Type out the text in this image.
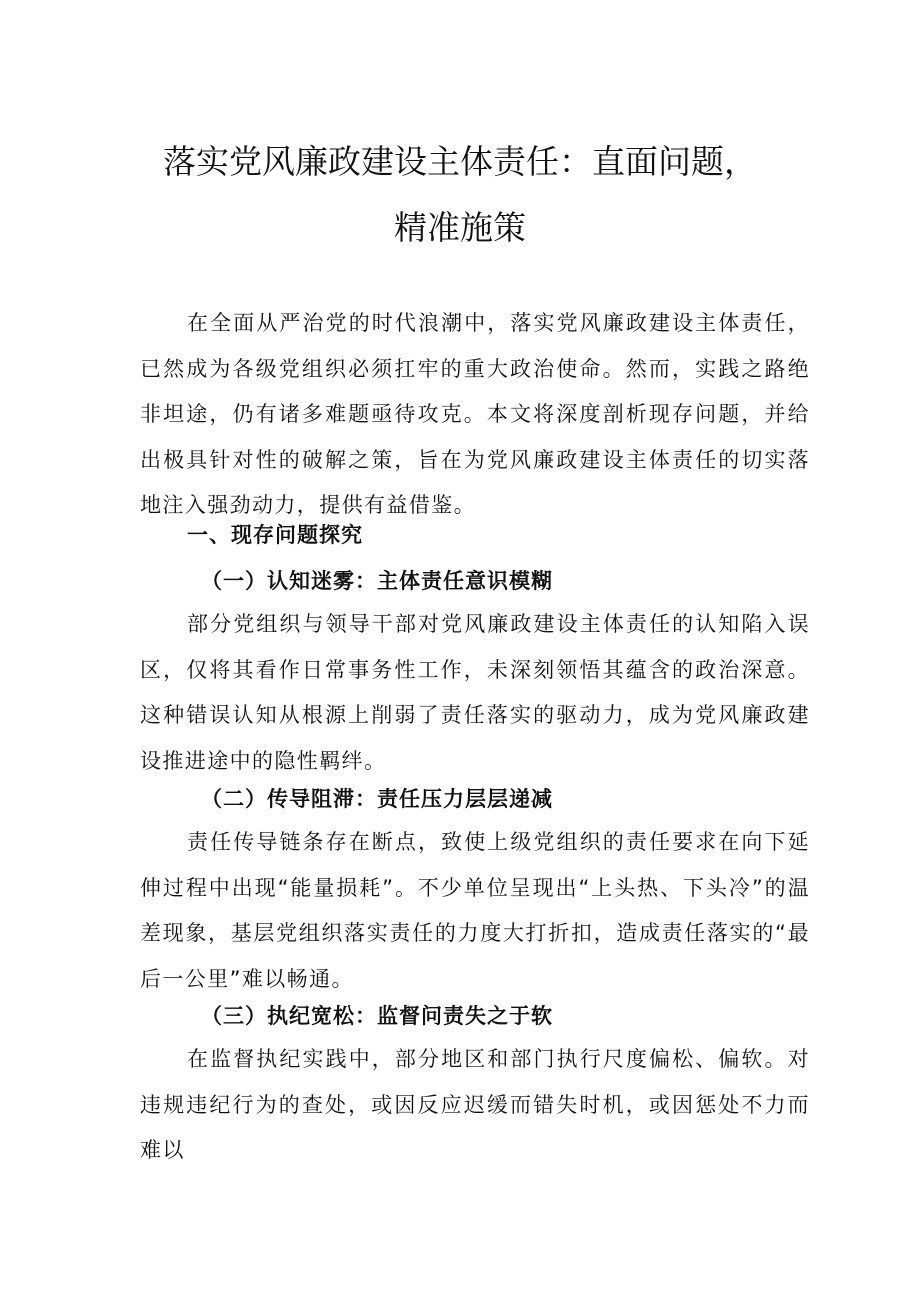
落实党风廉政建设主体责任：直面问题，
精准施策

在全面从严治党的时代浪潮中，落实党风廉政建设主体责任，已然成为各级党组织必须扛牢的重大政治使命。然而，实践之路绝非坦途，仍有诸多难题亟待攻克。本文将深度剖析现存问题，并给出极具针对性的破解之策，旨在为党风廉政建设主体责任的切实落地注入强劲动力，提供有益借鉴。

一、现存问题探究
（一）认知迷雾：主体责任意识模糊

部分党组织与领导干部对党风廉政建设主体责任的认知陷入误区，仅将其看作日常事务性工作，未深刻领悟其蕴含的政治深意。这种错误认知从根源上削弱了责任落实的驱动力，成为党风廉政建设推进途中的隐性羁绊。

（二）传导阻滞：责任压力层层递减

责任传导链条存在断点，致使上级党组织的责任要求在向下延伸过程中出现“能量损耗”。不少单位呈现出“上头热、下头冷”的温差现象，基层党组织落实责任的力度大打折扣，造成责任落实的“最后一公里”难以畅通。

（三）执纪宽松：监督问责失之于软

在监督执纪实践中，部分地区和部门执行尺度偏松、偏软。对违规违纪行为的查处，或因反应迟缓而错失时机，或因惩处不力而难以
